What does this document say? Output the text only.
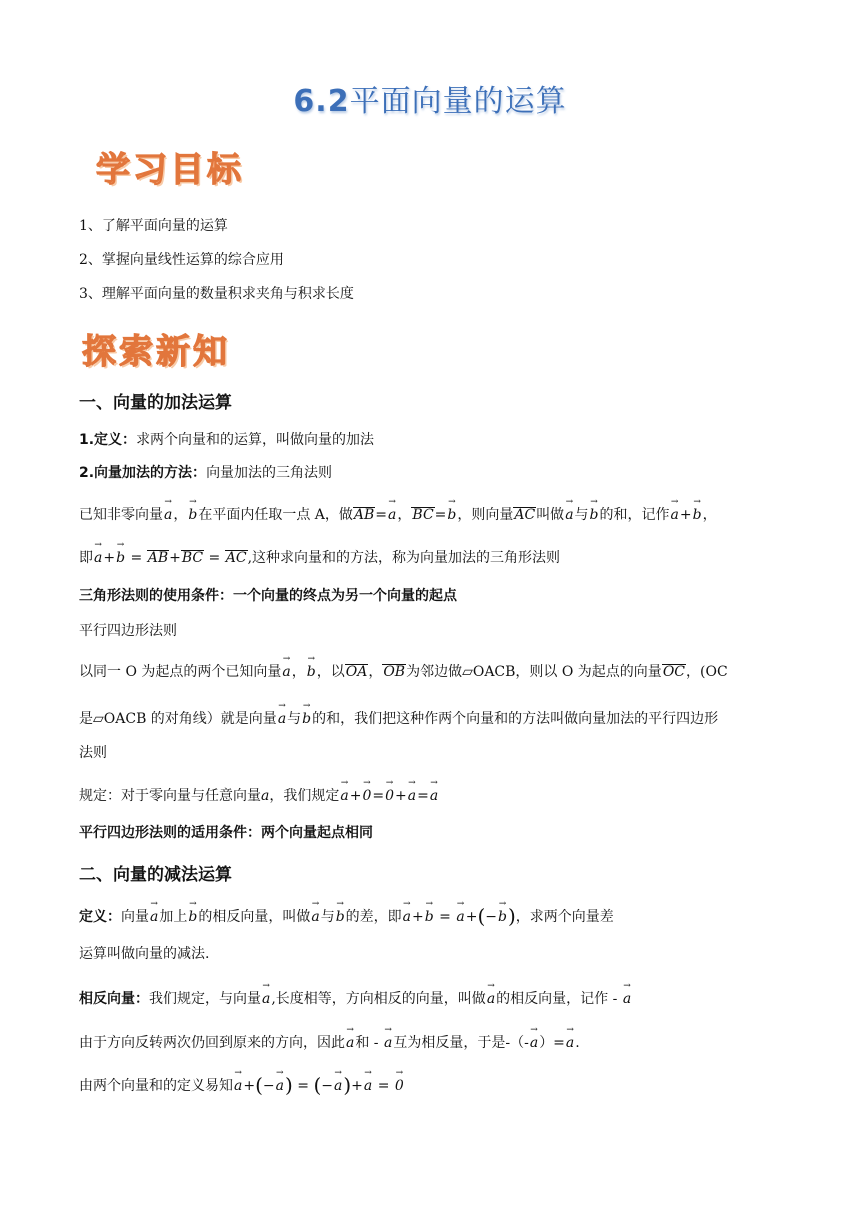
6.2平面向量的运算
学习目标
1、了解平面向量的运算
2、掌握向量线性运算的综合应用
3、理解平面向量的数量积求夹角与积求长度
探索新知
一、向量的加法运算
1.定义：求两个向量和的运算，叫做向量的加法
2.向量加法的方法：向量加法的三角法则
已知非零向量→ a，→ b在平面内任取一点 A，做AB=→ a，BC=→ b，则向量AC叫做→ a与→ b的和，记作→ a+→ b，
即→ a+→ b = AB+BC = AC,这种求向量和的方法，称为向量加法的三角形法则
三角形法则的使用条件：一个向量的终点为另一个向量的起点
平行四边形法则
以同一 O 为起点的两个已知向量→ a，→ b，以OA，OB为邻边做▱OACB，则以 O 为起点的向量OC，(OC
是▱OACB 的对角线）就是向量→ a与→ b的和，我们把这种作两个向量和的方法叫做向量加法的平行四边形
法则
规定：对于零向量与任意向量a，我们规定→ a+→ 0=→ 0+→ a=→ a
平行四边形法则的适用条件：两个向量起点相同
二、向量的减法运算
定义：向量→ a加上→ b的相反向量，叫做→ a与→ b的差，即→ a+→ b = → a+(−→ b)，求两个向量差
运算叫做向量的减法.
相反向量：我们规定，与向量→ a,长度相等，方向相反的向量，叫做→ a的相反向量，记作 - → a
由于方向反转两次仍回到原来的方向，因此→ a和 - → a互为相反量，于是-（-→ a）=→ a.
由两个向量和的定义易知→ a+(−→ a) = (−→ a)+→ a = → 0
